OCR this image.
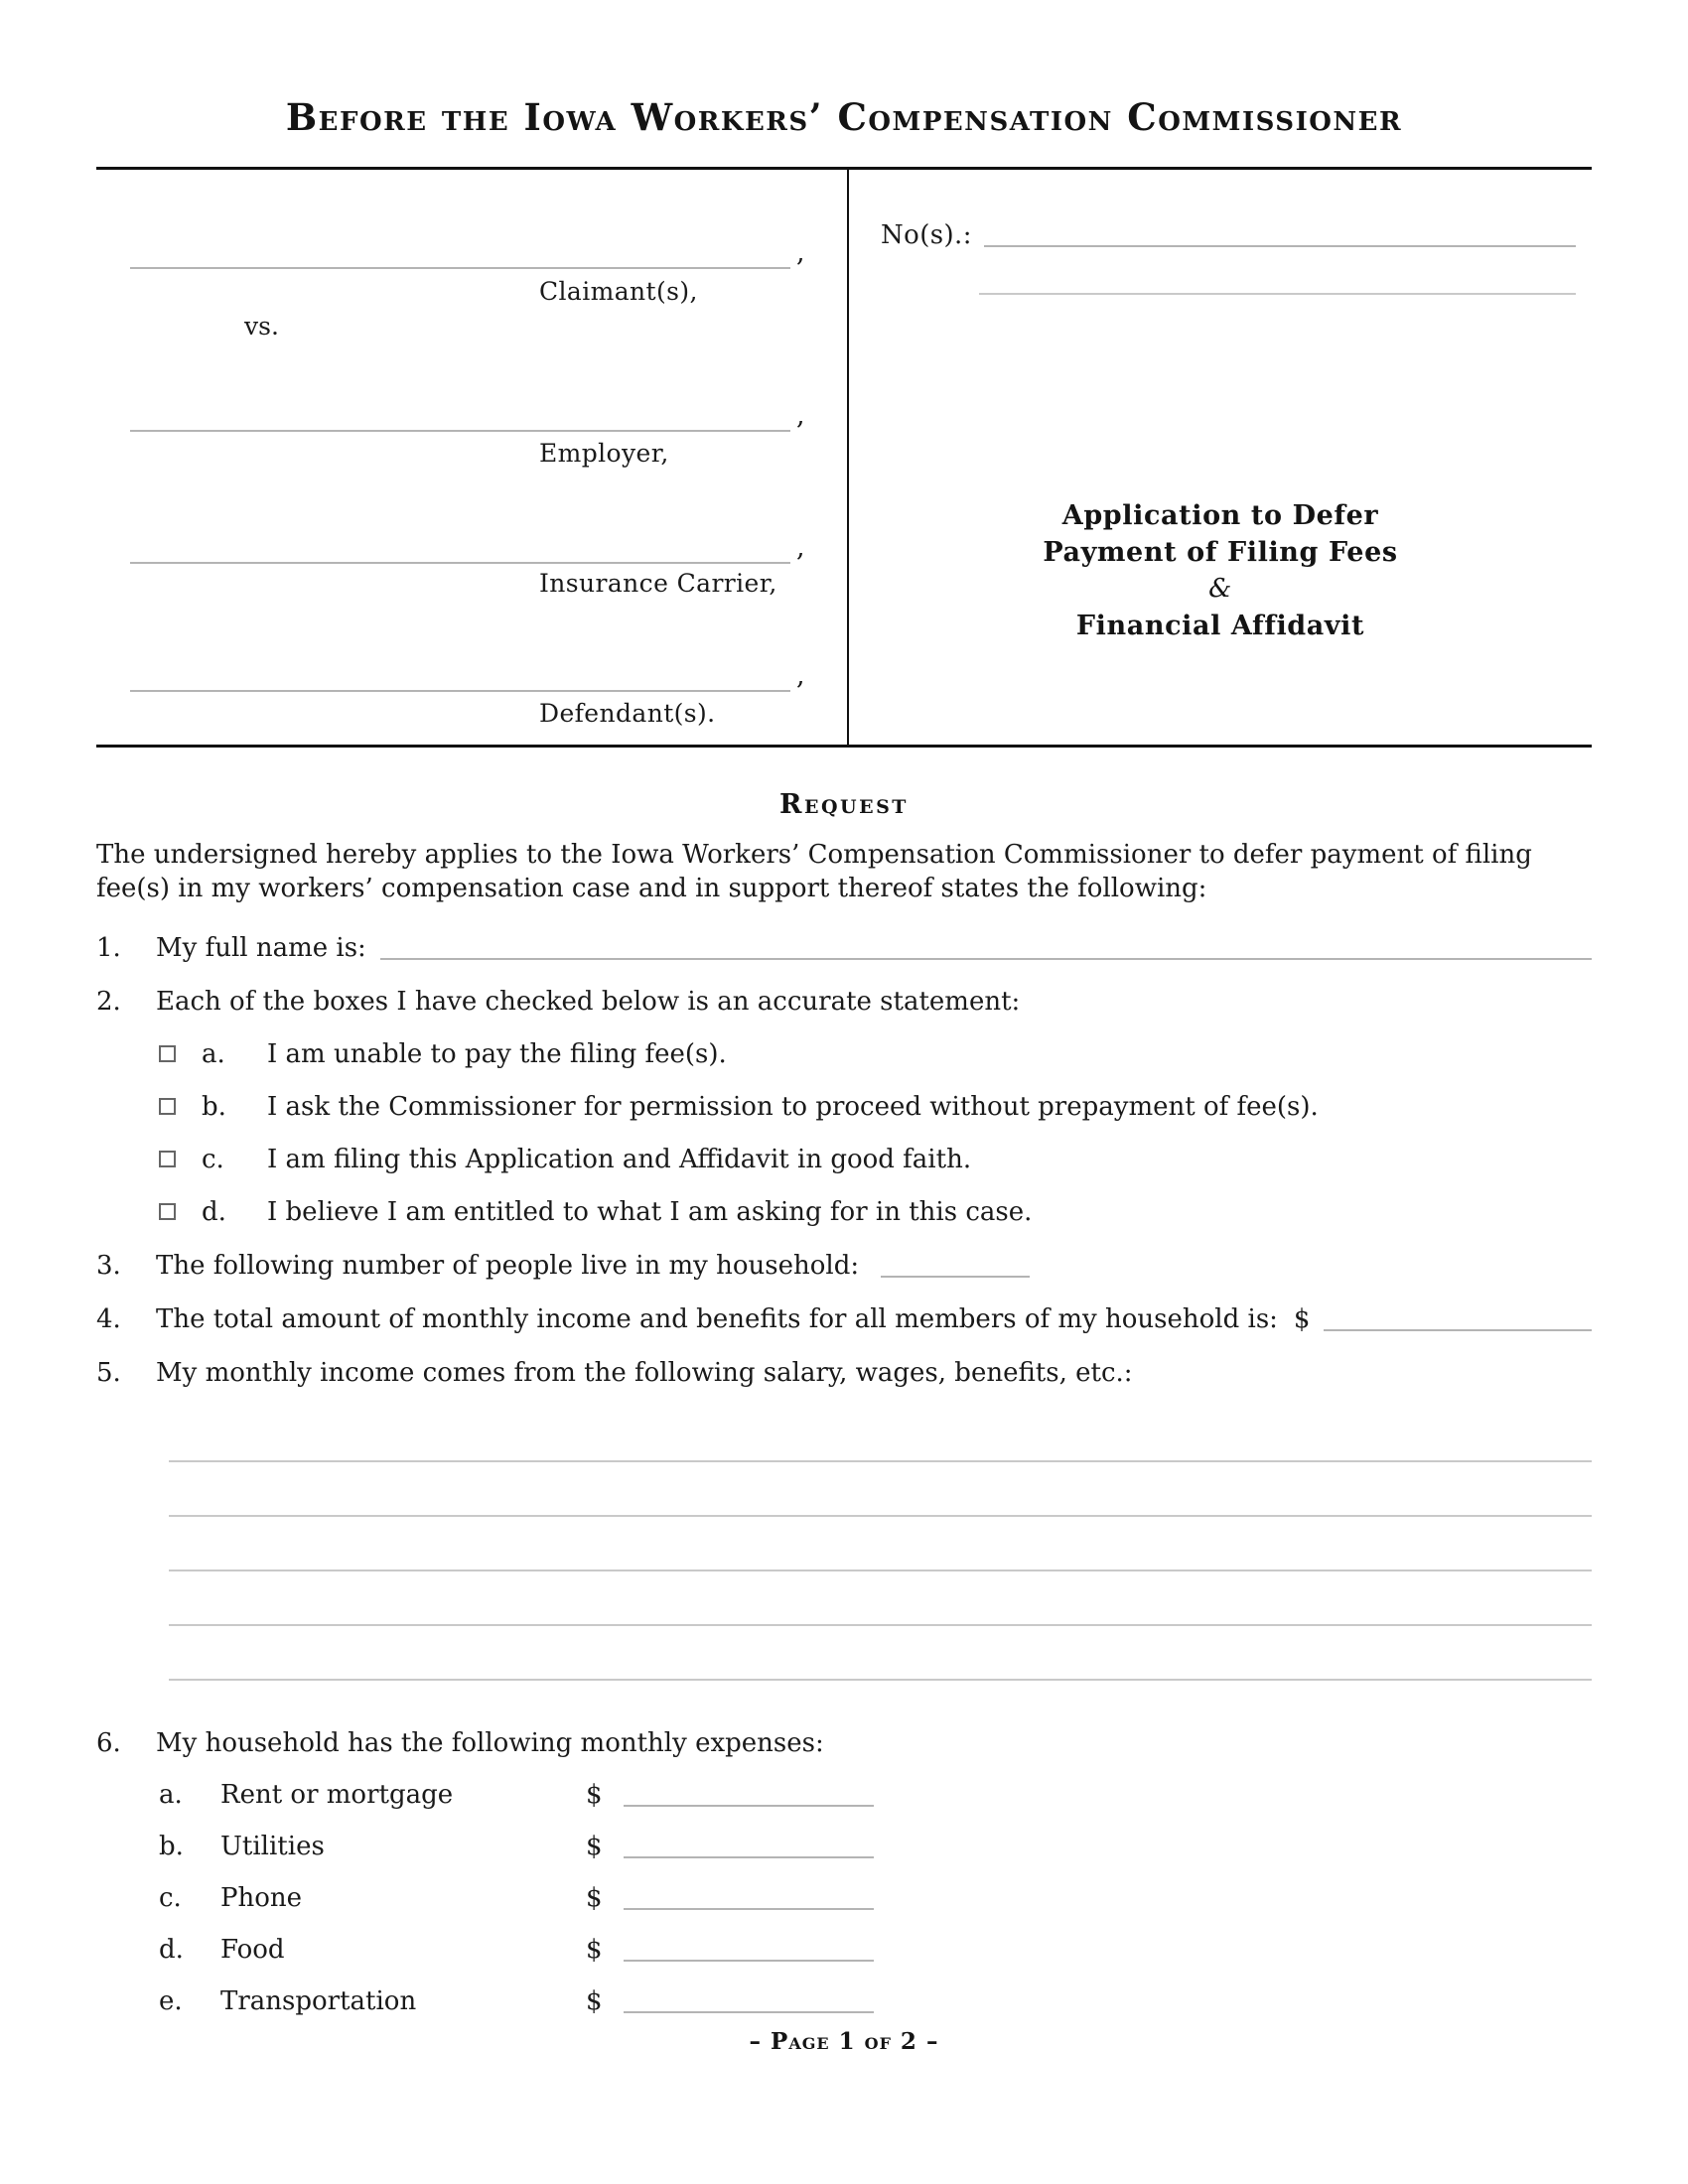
Before the Iowa Workers’ Compensation Commissioner
,
Claimant(s),
vs.
,
Employer,
,
Insurance Carrier,
,
Defendant(s).
No(s).:
Application to Defer
Payment of Filing Fees
&
Financial Affidavit
Request

The undersigned hereby applies to the Iowa Workers’ Compensation Commissioner to defer payment of filing fee(s) in my workers’ compensation case and in support thereof states the following:

1.	My full name is:
2.	Each of the boxes I have checked below is an accurate statement:
a.	I am unable to pay the filing fee(s).
b.	I ask the Commissioner for permission to proceed without prepayment of fee(s).
c.	I am filing this Application and Affidavit in good faith.
d.	I believe I am entitled to what I am asking for in this case.
3.	The following number of people live in my household:
4.	The total amount of monthly income and benefits for all members of my household is: $
5.	My monthly income comes from the following salary, wages, benefits, etc.:
6.	My household has the following monthly expenses:
a.	Rent or mortgage	$
b.	Utilities	$
c.	Phone	$
d.	Food	$
e.	Transportation	$
– Page 1 of 2 –
